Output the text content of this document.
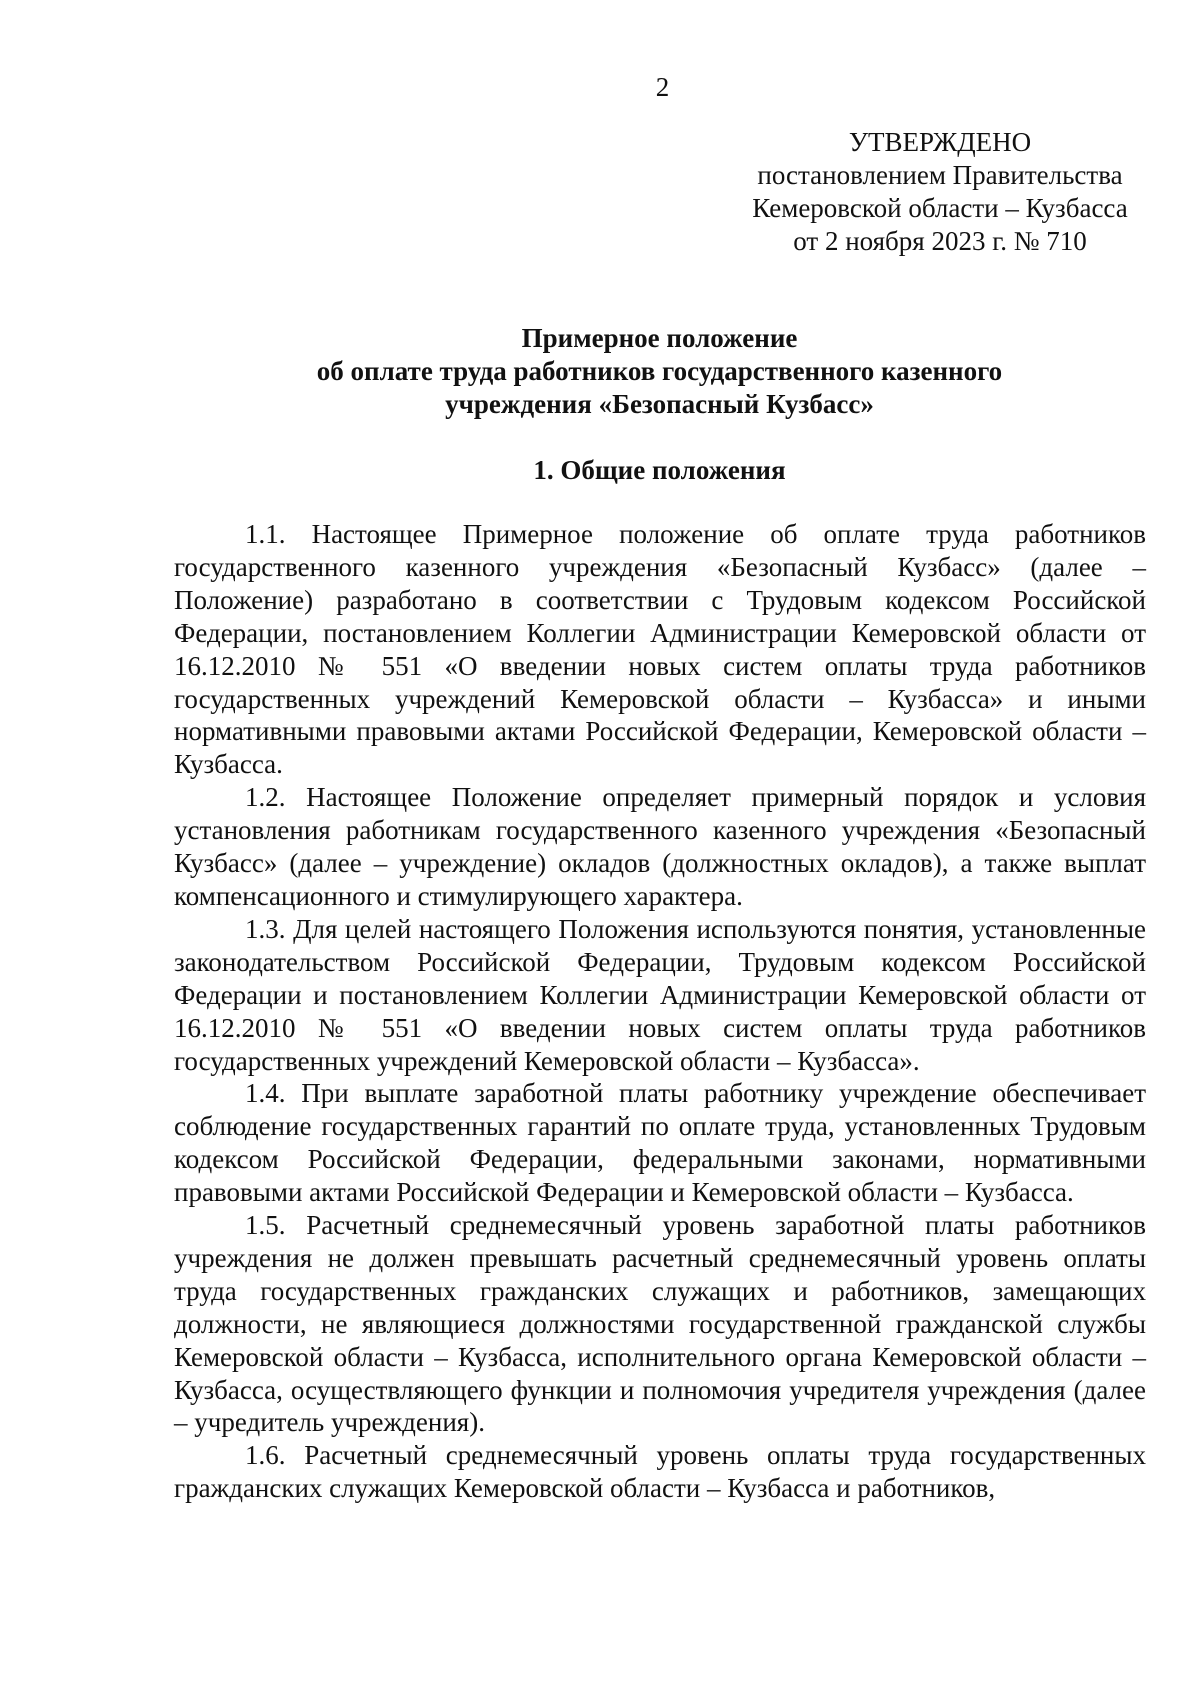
2
УТВЕРЖДЕНО
постановлением Правительства
Кемеровской области – Кузбасса
от 2 ноября 2023 г. № 710
Примерное положение
об оплате труда работников государственного казенного
учреждения «Безопасный Кузбасс»
1. Общие положения

1.1. Настоящее Примерное положение об оплате труда работников государственного казенного учреждения «Безопасный Кузбасс» (далее – Положение) разработано в соответствии с Трудовым кодексом Российской Федерации, постановлением Коллегии Администрации Кемеровской области от 16.12.2010 № 551 «О введении новых систем оплаты труда работников государственных учреждений Кемеровской области – Кузбасса» и иными нормативными правовыми актами Российской Федерации, Кемеровской области – Кузбасса.

1.2. Настоящее Положение определяет примерный порядок и условия установления работникам государственного казенного учреждения «Безопасный Кузбасс» (далее – учреждение) окладов (должностных окладов), а также выплат компенсационного и стимулирующего характера.

1.3. Для целей настоящего Положения используются понятия, установленные законодательством Российской Федерации, Трудовым кодексом Российской Федерации и постановлением Коллегии Администрации Кемеровской области от 16.12.2010 № 551 «О введении новых систем оплаты труда работников государственных учреждений Кемеровской области – Кузбасса».

1.4. При выплате заработной платы работнику учреждение обеспечивает соблюдение государственных гарантий по оплате труда, установленных Трудовым кодексом Российской Федерации, федеральными законами, нормативными правовыми актами Российской Федерации и Кемеровской области – Кузбасса.

1.5. Расчетный среднемесячный уровень заработной платы работников учреждения не должен превышать расчетный среднемесячный уровень оплаты труда государственных гражданских служащих и работников, замещающих должности, не являющиеся должностями государственной гражданской службы Кемеровской области – Кузбасса, исполнительного органа Кемеровской области – Кузбасса, осуществляющего функции и полномочия учредителя учреждения (далее – учредитель учреждения).

1.6. Расчетный среднемесячный уровень оплаты труда государственных гражданских служащих Кемеровской области – Кузбасса и работников,
